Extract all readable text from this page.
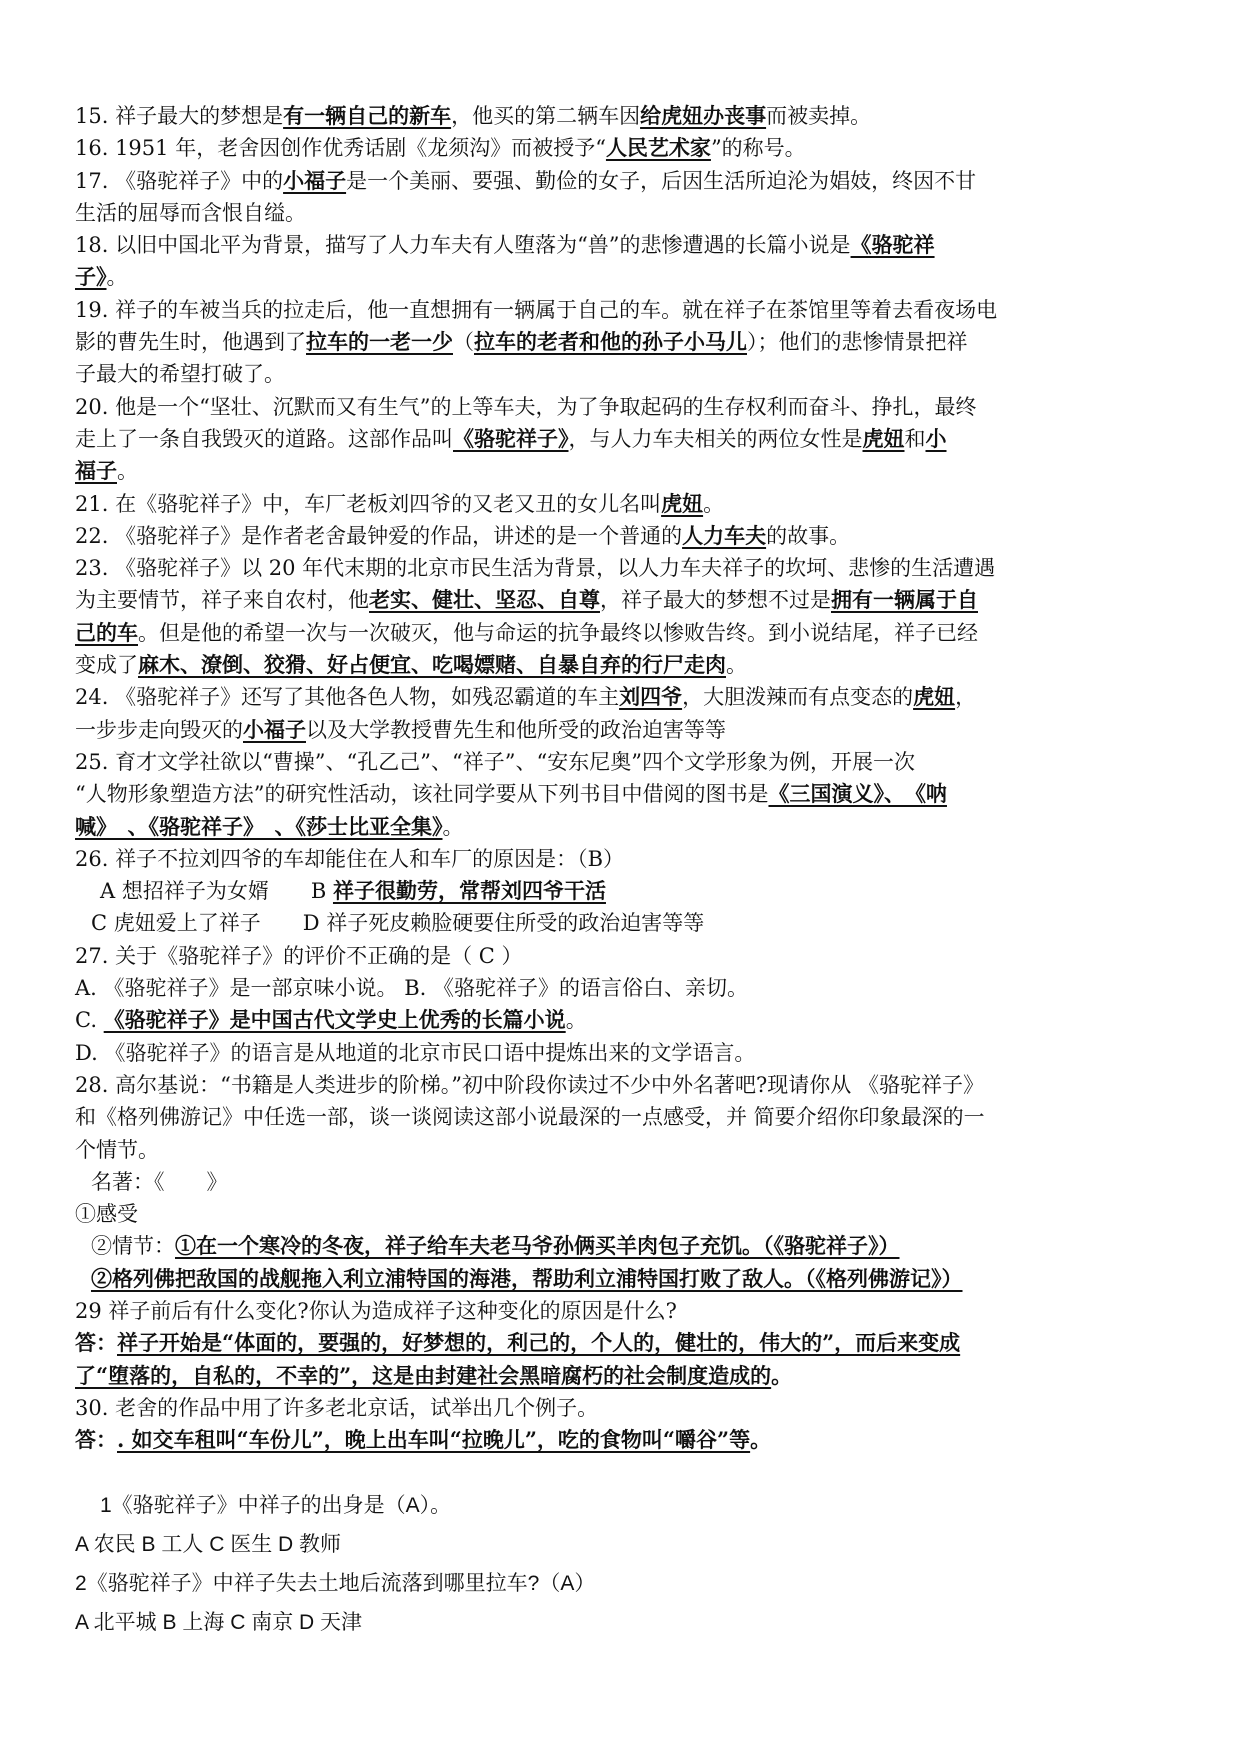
15. 祥子最大的梦想是有一辆自己的新车，他买的第二辆车因给虎妞办丧事而被卖掉。
16. 1951 年，老舍因创作优秀话剧《龙须沟》而被授予“人民艺术家”的称号。
17. 《骆驼祥子》中的小福子是一个美丽、要强、勤俭的女子，后因生活所迫沦为娼妓，终因不甘
生活的屈辱而含恨自缢。
18. 以旧中国北平为背景，描写了人力车夫有人堕落为“兽”的悲惨遭遇的长篇小说是《骆驼祥
子》。
19. 祥子的车被当兵的拉走后，他一直想拥有一辆属于自己的车。就在祥子在茶馆里等着去看夜场电
影的曹先生时，他遇到了拉车的一老一少（拉车的老者和他的孙子小马儿）；他们的悲惨情景把祥
子最大的希望打破了。
20. 他是一个“坚壮、沉默而又有生气”的上等车夫，为了争取起码的生存权利而奋斗、挣扎，最终
走上了一条自我毁灭的道路。这部作品叫《骆驼祥子》，与人力车夫相关的两位女性是虎妞和小
福子。
21. 在《骆驼祥子》中，车厂老板刘四爷的又老又丑的女儿名叫虎妞。
22. 《骆驼祥子》是作者老舍最钟爱的作品，讲述的是一个普通的人力车夫的故事。
23. 《骆驼祥子》以 20 年代末期的北京市民生活为背景，以人力车夫祥子的坎坷、悲惨的生活遭遇
为主要情节，祥子来自农村，他老实、健壮、坚忍、自尊，祥子最大的梦想不过是拥有一辆属于自
己的车。但是他的希望一次与一次破灭，他与命运的抗争最终以惨败告终。到小说结尾，祥子已经
变成了麻木、潦倒、狡猾、好占便宜、吃喝嫖赌、自暴自弃的行尸走肉。
24. 《骆驼祥子》还写了其他各色人物，如残忍霸道的车主刘四爷，大胆泼辣而有点变态的虎妞，
一步步走向毁灭的小福子以及大学教授曹先生和他所受的政治迫害等等
25. 育才文学社欲以“曹操”、“孔乙己”、“祥子”、“安东尼奥”四个文学形象为例，开展一次
“人物形象塑造方法”的研究性活动，该社同学要从下列书目中借阅的图书是《三国演义》、　《呐
喊》　、《骆驼祥子》　、《莎士比亚全集》。
26. 祥子不拉刘四爷的车却能住在人和车厂的原因是：（B）
A 想招祥子为女婿　　 B 祥子很勤劳，常帮刘四爷干活
C 虎妞爱上了祥子　　 D 祥子死皮赖脸硬要住所受的政治迫害等等
27. 关于《骆驼祥子》的评价不正确的是（ C ）
A. 《骆驼祥子》是一部京味小说。 B. 《骆驼祥子》的语言俗白、亲切。
C. 《骆驼祥子》是中国古代文学史上优秀的长篇小说。
D. 《骆驼祥子》的语言是从地道的北京市民口语中提炼出来的文学语言。
28. 高尔基说：“书籍是人类进步的阶梯。”初中阶段你读过不少中外名著吧?现请你从 《骆驼祥子》
和《格列佛游记》中任选一部，谈一谈阅读这部小说最深的一点感受，并 简要介绍你印象最深的一
个情节。
名著：《　　》
①感受
②情节：①在一个寒冷的冬夜，祥子给车夫老马爷孙俩买羊肉包子充饥。（《骆驼祥子》）
②格列佛把敌国的战舰拖入利立浦特国的海港，帮助利立浦特国打败了敌人。（《格列佛游记》）
29 祥子前后有什么变化?你认为造成祥子这种变化的原因是什么?
答：祥子开始是“体面的，要强的，好梦想的，利己的，个人的，健壮的，伟大的”，而后来变成
了“堕落的，自私的，不幸的”，这是由封建社会黑暗腐朽的社会制度造成的。
30. 老舍的作品中用了许多老北京话，试举出几个例子。
答：. 如交车租叫“车份儿”，晚上出车叫“拉晚儿”，吃的食物叫“嚼谷”等。
1《骆驼祥子》中祥子的出身是（A）。
A 农民 B 工人 C 医生 D 教师
2《骆驼祥子》中祥子失去土地后流落到哪里拉车?（A）
A 北平城 B 上海 C 南京 D 天津
